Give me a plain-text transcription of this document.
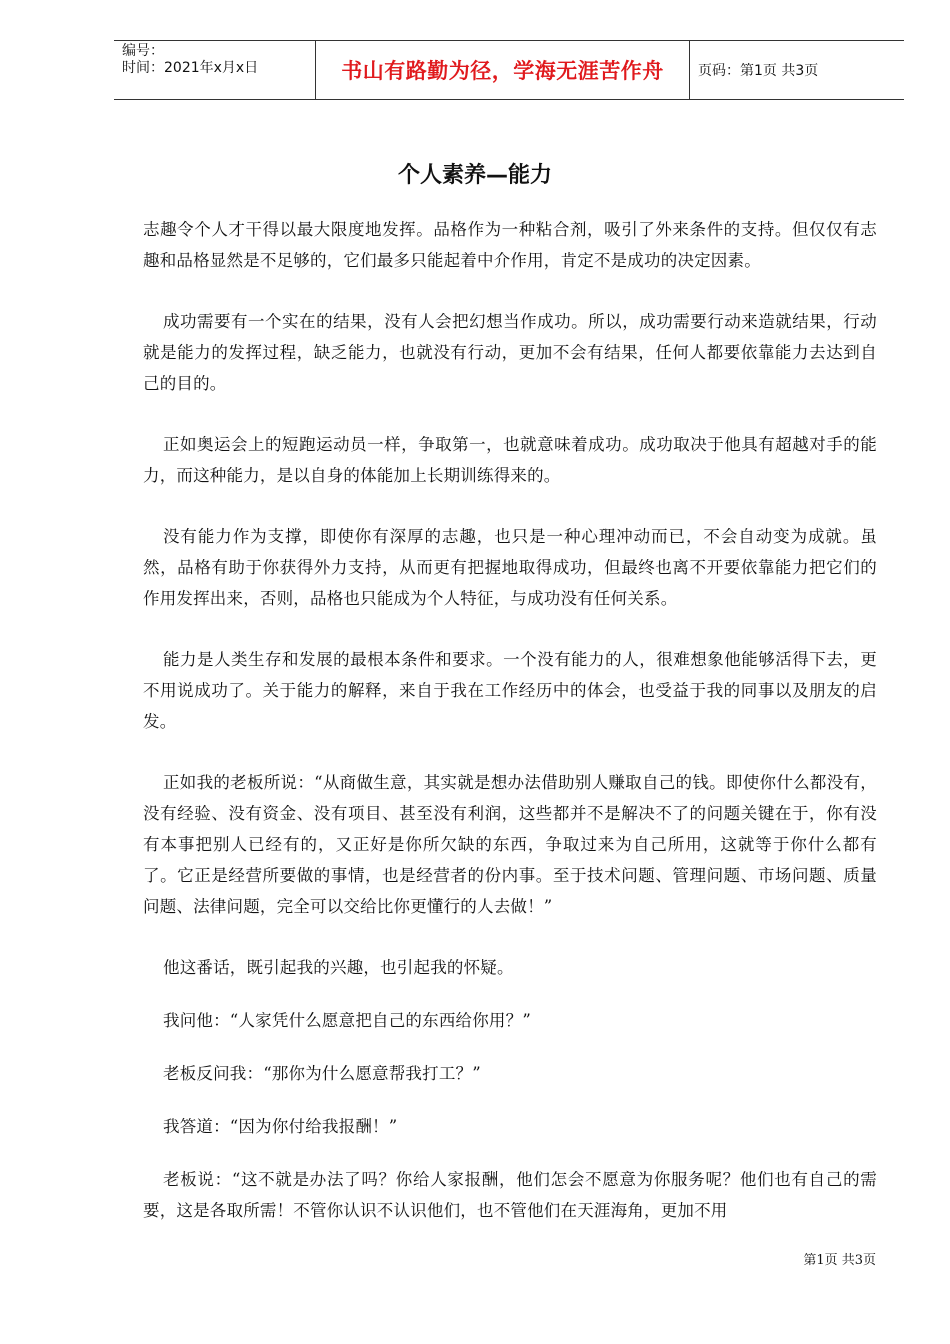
编号：
时间：2021年x月x日	书山有路勤为径，学海无涯苦作舟	页码：第1页 共3页
个人素养—能力

志趣令个人才干得以最大限度地发挥。品格作为一种粘合剂，吸引了外来条件的支持。但仅仅有志趣和品格显然是不足够的，它们最多只能起着中介作用，肯定不是成功的决定因素。

成功需要有一个实在的结果，没有人会把幻想当作成功。所以，成功需要行动来造就结果，行动就是能力的发挥过程，缺乏能力，也就没有行动，更加不会有结果，任何人都要依靠能力去达到自己的目的。

正如奥运会上的短跑运动员一样，争取第一，也就意味着成功。成功取决于他具有超越对手的能力，而这种能力，是以自身的体能加上长期训练得来的。

没有能力作为支撑，即使你有深厚的志趣，也只是一种心理冲动而已，不会自动变为成就。虽然，品格有助于你获得外力支持，从而更有把握地取得成功，但最终也离不开要依靠能力把它们的作用发挥出来，否则，品格也只能成为个人特征，与成功没有任何关系。

能力是人类生存和发展的最根本条件和要求。一个没有能力的人，很难想象他能够活得下去，更不用说成功了。关于能力的解释，来自于我在工作经历中的体会，也受益于我的同事以及朋友的启发。

正如我的老板所说：“从商做生意，其实就是想办法借助别人赚取自己的钱。即使你什么都没有，没有经验、没有资金、没有项目、甚至没有利润，这些都并不是解决不了的问题关键在于，你有没有本事把别人已经有的，又正好是你所欠缺的东西，争取过来为自己所用，这就等于你什么都有了。它正是经营所要做的事情，也是经营者的份内事。至于技术问题、管理问题、市场问题、质量问题、法律问题，完全可以交给比你更懂行的人去做！”

他这番话，既引起我的兴趣，也引起我的怀疑。

我问他：“人家凭什么愿意把自己的东西给你用？”

老板反问我：“那你为什么愿意帮我打工？”

我答道：“因为你付给我报酬！”

老板说：“这不就是办法了吗？你给人家报酬，他们怎会不愿意为你服务呢？他们也有自己的需要，这是各取所需！不管你认识不认识他们，也不管他们在天涯海角，更加不用

第1页 共3页
